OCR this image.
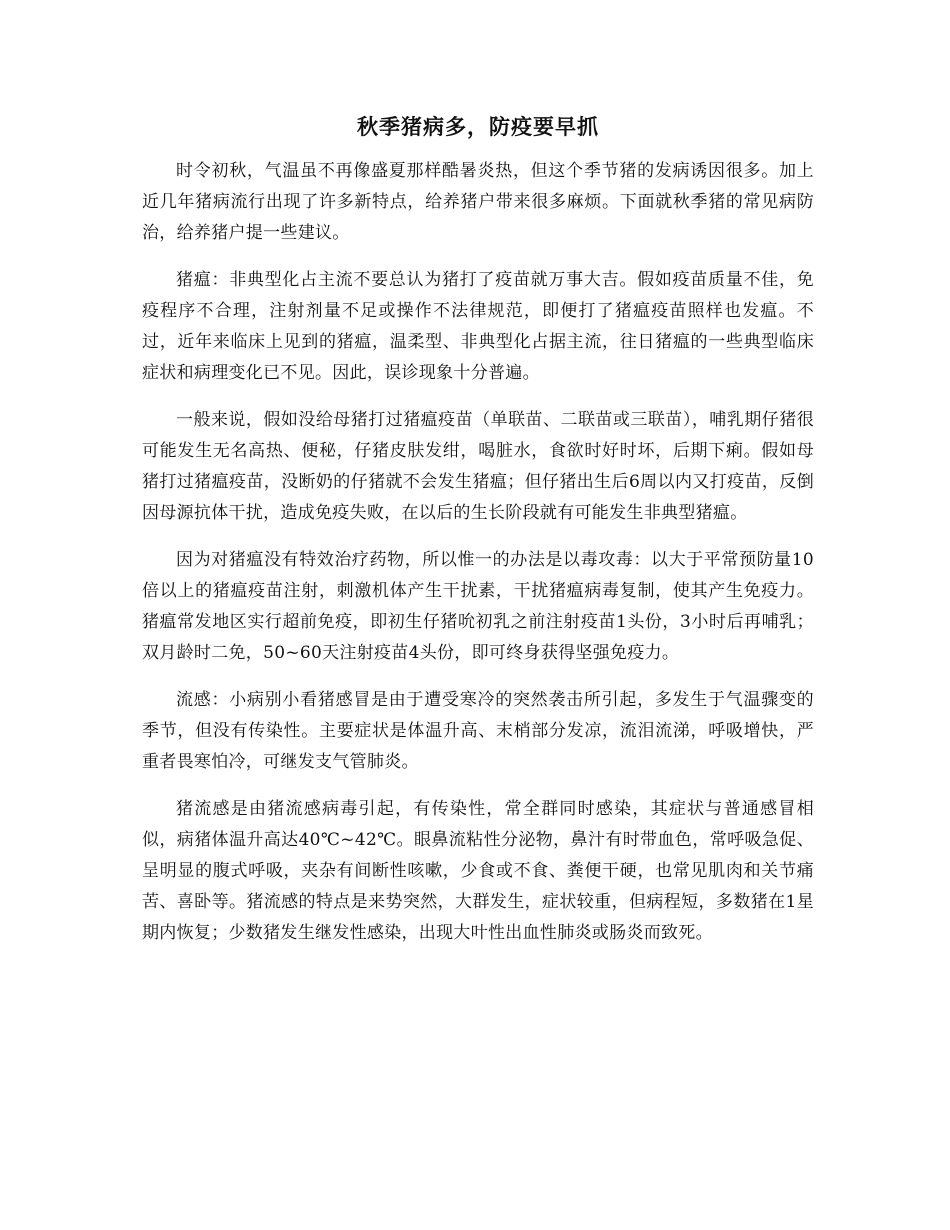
秋季猪病多，防疫要早抓

时令初秋，气温虽不再像盛夏那样酷暑炎热，但这个季节猪的发病诱因很多。加上近几年猪病流行出现了许多新特点，给养猪户带来很多麻烦。下面就秋季猪的常见病防治，给养猪户提一些建议。

猪瘟：非典型化占主流不要总认为猪打了疫苗就万事大吉。假如疫苗质量不佳，免疫程序不合理，注射剂量不足或操作不法律规范，即便打了猪瘟疫苗照样也发瘟。不过，近年来临床上见到的猪瘟，温柔型、非典型化占据主流，往日猪瘟的一些典型临床症状和病理变化已不见。因此，误诊现象十分普遍。

一般来说，假如没给母猪打过猪瘟疫苗（单联苗、二联苗或三联苗），哺乳期仔猪很可能发生无名高热、便秘，仔猪皮肤发绀，喝脏水，食欲时好时坏，后期下痢。假如母猪打过猪瘟疫苗，没断奶的仔猪就不会发生猪瘟；但仔猪出生后6周以内又打疫苗，反倒因母源抗体干扰，造成免疫失败，在以后的生长阶段就有可能发生非典型猪瘟。

因为对猪瘟没有特效治疗药物，所以惟一的办法是以毒攻毒：以大于平常预防量10倍以上的猪瘟疫苗注射，刺激机体产生干扰素，干扰猪瘟病毒复制，使其产生免疫力。猪瘟常发地区实行超前免疫，即初生仔猪吮初乳之前注射疫苗1头份，3小时后再哺乳；双月龄时二免，50~60天注射疫苗4头份，即可终身获得坚强免疫力。

流感：小病别小看猪感冒是由于遭受寒冷的突然袭击所引起，多发生于气温骤变的季节，但没有传染性。主要症状是体温升高、末梢部分发凉，流泪流涕，呼吸增快，严重者畏寒怕冷，可继发支气管肺炎。

猪流感是由猪流感病毒引起，有传染性，常全群同时感染，其症状与普通感冒相似，病猪体温升高达40℃~42℃。眼鼻流粘性分泌物，鼻汁有时带血色，常呼吸急促、呈明显的腹式呼吸，夹杂有间断性咳嗽，少食或不食、粪便干硬，也常见肌肉和关节痛苦、喜卧等。猪流感的特点是来势突然，大群发生，症状较重，但病程短，多数猪在1星期内恢复；少数猪发生继发性感染，出现大叶性出血性肺炎或肠炎而致死。
